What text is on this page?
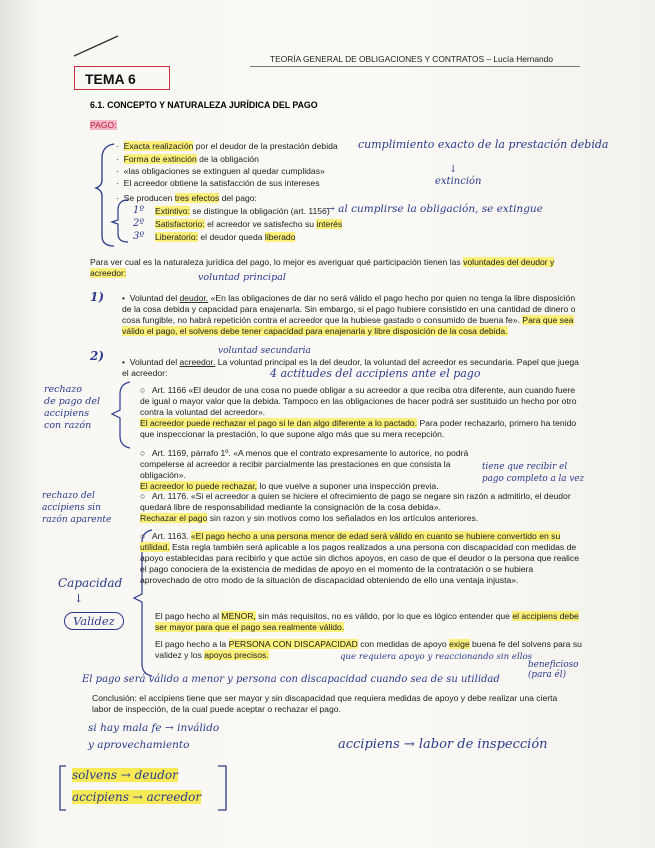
TEORÍA GENERAL DE OBLIGACIONES Y CONTRATOS – Lucía Hernando
TEMA 6
6.1. CONCEPTO Y NATURALEZA JURÍDICA DEL PAGO
PAGO:
·  Exacta realización por el deudor de la prestación debida
·  Forma de extinción de la obligación
·  «las obligaciones se extinguen al quedar cumplidas»
·  El acreedor obtiene la satisfacción de sus intereses
·  Se producen tres efectos del pago:
Extintivo: se distingue la obligación (art. 1156)
Satisfactorio: el acreedor ve satisfecho su interés
Liberatorio: el deudor queda liberado
cumplimiento exacto de la prestación debida
↓
extinción
→ al cumplirse la obligación, se extingue
1º
2º
3º
Para ver cual es la naturaleza jurídica del pago, lo mejor es averiguar qué participación tienen las voluntades del deudor y acreedor:	voluntad principal
1) •  Voluntad del deudor. «En las obligaciones de dar no será válido el pago hecho por quien no tenga la libre disposición de la cosa debida y capacidad para enajenarla. Sin embargo, si el pago hubiere consistido en una cantidad de dinero o cosa fungible, no habrá repetición contra el acreedor que la hubiese gastado o consumido de buena fe». Para que sea válido el pago, el solvens debe tener capacidad para enajenarla y libre disposición de la cosa debida.
2)	voluntad secundaria
•  Voluntad del acreedor. La voluntad principal es la del deudor, la voluntad del acreedor es secundaria. Papel que juega el acreedor:	4 actitudes del accipiens ante el pago
○   Art. 1166 «El deudor de una cosa no puede obligar a su acreedor a que reciba otra diferente, aun cuando fuere de igual o mayor valor que la debida. Tampoco en las obligaciones de hacer podrá ser sustituido un hecho por otro contra la voluntad del acreedor».
El acreedor puede rechazar el pago si le dan algo diferente a lo pactado. Para poder rechazarlo, primero ha tenido que inspeccionar la prestación, lo que supone algo más que su mera recepción.
rechazo
de pago del
accipiens
con razón
○   Art. 1169, párrafo 1º. «A menos que el contrato expresamente lo autorice, no podrá compelerse al acreedor a recibir parcialmente las prestaciones en que consista la obligación».
El acreedor lo puede rechazar, lo que vuelve a suponer una inspección previa.
tiene que recibir el
pago completo a la vez
rechazo del
accipiens sin
razón aparente
○   Art. 1176. «Si el acreedor a quien se hiciere el ofrecimiento de pago se negare sin razón a admitirlo, el deudor quedará libre de responsabilidad mediante la consignación de la cosa debida».
Rechazar el pago sin razon y sin motivos como los señalados en los artículos anteriores.
○   Art. 1163. «El pago hecho a una persona menor de edad será válido en cuanto se hubiere convertido en su utilidad. Esta regla también será aplicable a los pagos realizados a una persona con discapacidad con medidas de apoyo establecidas para recibirlo y que actúe sin dichos apoyos, en caso de que el deudor o la persona que realice el pago conociera de la existencia de medidas de apoyo en el momento de la contratación o se hubiera aprovechado de otro modo de la situación de discapacidad obteniendo de ello una ventaja injusta».
Capacidad
↓
Validez	El pago hecho al MENOR, sin más requisitos, no es válido, por lo que es lógico entender que el accipiens debe ser mayor para que el pago sea realmente válido.
El pago hecho a la PERSONA CON DISCAPACIDAD con medidas de apoyo exige buena fe del solvens para su validez y los apoyos precisos.	que requiera apoyo y reaccionando sin ellos
beneficioso
(para él)
El pago será válido a menor y persona con discapacidad cuando sea de su utilidad
Conclusión: el accipiens tiene que ser mayor y sin discapacidad que requiera medidas de apoyo y debe realizar una cierta labor de inspección, de la cual puede aceptar o rechazar el pago.
si hay mala fe → inválido
y aprovechamiento	accipiens → labor de inspección
solvens → deudor
accipiens → acreedor
